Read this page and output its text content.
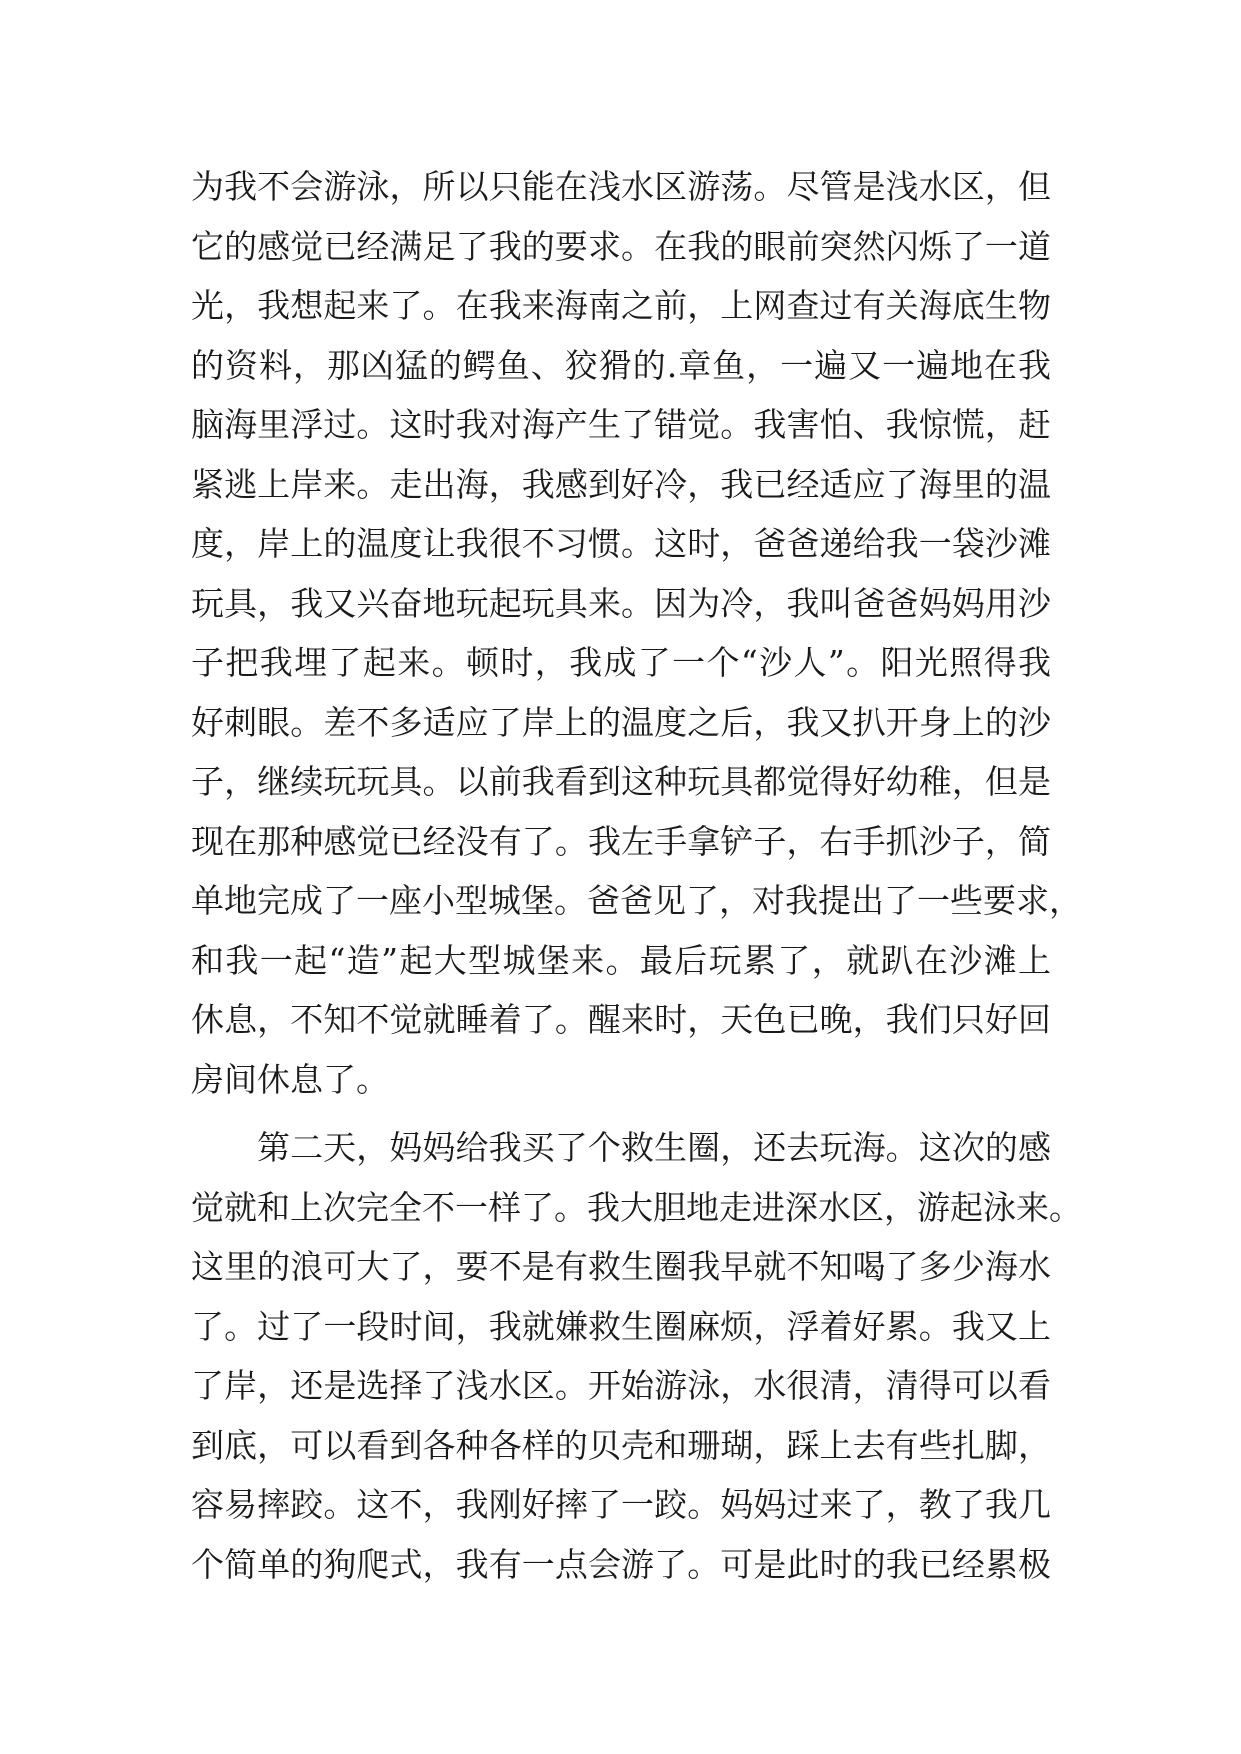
为我不会游泳，所以只能在浅水区游荡。尽管是浅水区，但
它的感觉已经满足了我的要求。在我的眼前突然闪烁了一道
光，我想起来了。在我来海南之前，上网查过有关海底生物
的资料，那凶猛的鳄鱼、狡猾的.章鱼，一遍又一遍地在我
脑海里浮过。这时我对海产生了错觉。我害怕、我惊慌，赶
紧逃上岸来。走出海，我感到好冷，我已经适应了海里的温
度，岸上的温度让我很不习惯。这时，爸爸递给我一袋沙滩
玩具，我又兴奋地玩起玩具来。因为冷，我叫爸爸妈妈用沙
子把我埋了起来。顿时，我成了一个“沙人”。阳光照得我
好刺眼。差不多适应了岸上的温度之后，我又扒开身上的沙
子，继续玩玩具。以前我看到这种玩具都觉得好幼稚，但是
现在那种感觉已经没有了。我左手拿铲子，右手抓沙子，简
单地完成了一座小型城堡。爸爸见了，对我提出了一些要求，
和我一起“造”起大型城堡来。最后玩累了，就趴在沙滩上
休息，不知不觉就睡着了。醒来时，天色已晚，我们只好回
房间休息了。
第二天，妈妈给我买了个救生圈，还去玩海。这次的感
觉就和上次完全不一样了。我大胆地走进深水区，游起泳来。
这里的浪可大了，要不是有救生圈我早就不知喝了多少海水
了。过了一段时间，我就嫌救生圈麻烦，浮着好累。我又上
了岸，还是选择了浅水区。开始游泳，水很清，清得可以看
到底，可以看到各种各样的贝壳和珊瑚，踩上去有些扎脚，
容易摔跤。这不，我刚好摔了一跤。妈妈过来了，教了我几
个简单的狗爬式，我有一点会游了。可是此时的我已经累极
